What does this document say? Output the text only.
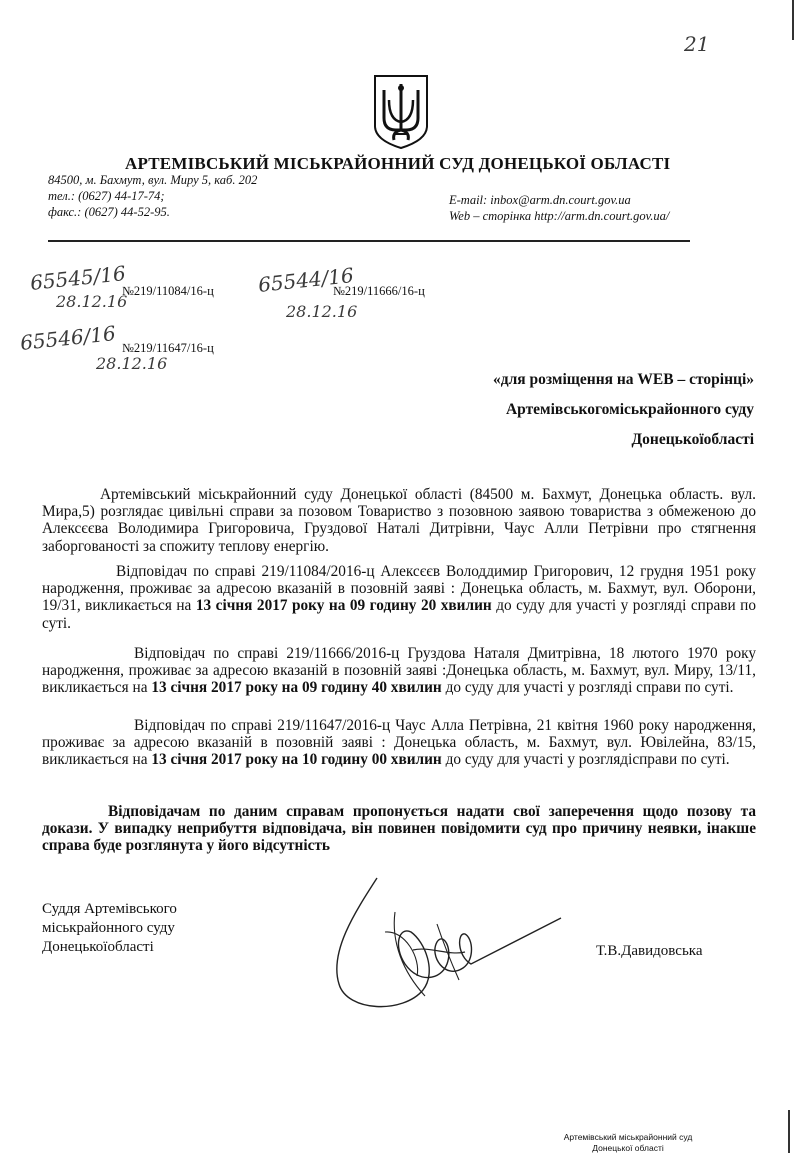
21
АРТЕМІВСЬКИЙ МІСЬКРАЙОННИЙ СУД ДОНЕЦЬКОЇ ОБЛАСТІ
84500, м. Бахмут, вул. Миру 5, каб. 202
тел.: (0627) 44-17-74;
факс.: (0627) 44-52-95.
E-mail: inbox@arm.dn.court.gov.ua
Web – сторінка http://arm.dn.court.gov.ua/
65545/16
28.12.16
№219/11084/16-ц 65544/16
28.12.16
№219/11666/16-ц
65546/16
28.12.16
№219/11647/16-ц
«для розміщення на WEB – сторінці»
Артемівськогоміськрайонного суду
Донецькоїобласті
Артемівський міськрайонний суду Донецької області (84500 м. Бахмут, Донецька область. вул. Мира,5) розглядає цивільні справи за позовом Товариство з позовною заявою товариства з обмеженою до Алексєєва Володимира Григоровича, Груздової Наталі Дитрівни, Чаус Алли Петрівни про стягнення заборгованості за спожиту теплову енергію.
Відповідач по справі 219/11084/2016-ц Алексєєв Володдимир Григорович, 12 грудня 1951 року народження, проживає за адресою вказаній в позовній заяві : Донецька область, м. Бахмут, вул. Оборони, 19/31, викликається на 13 січня 2017 року на 09 годину 20 хвилин до суду для участі у розгляді справи по суті.
Відповідач по справі 219/11666/2016-ц Груздова Наталя Дмитрівна, 18 лютого 1970 року народження, проживає за адресою вказаній в позовній заяві :Донецька область, м. Бахмут, вул. Миру, 13/11, викликається на 13 січня 2017 року на 09 годину 40 хвилин до суду для участі у розгляді справи по суті.
Відповідач по справі 219/11647/2016-ц Чаус Алла Петрівна, 21 квітня 1960 року народження, проживає за адресою вказаній в позовній заяві : Донецька область, м. Бахмут, вул. Ювілейна, 83/15, викликається на 13 січня 2017 року на 10 годину 00 хвилин до суду для участі у розглядісправи по суті.
Відповідачам по даним справам пропонується надати свої заперечення щодо позову та докази. У випадку неприбуття відповідача, він повинен повідомити суд про причину неявки, інакше справа буде розглянута у його відсутність
Суддя Артемівського
міськрайонного суду
Донецькоїобласті	Т.В.Давидовська
Артемівський міськрайонний суд
Донецької області
